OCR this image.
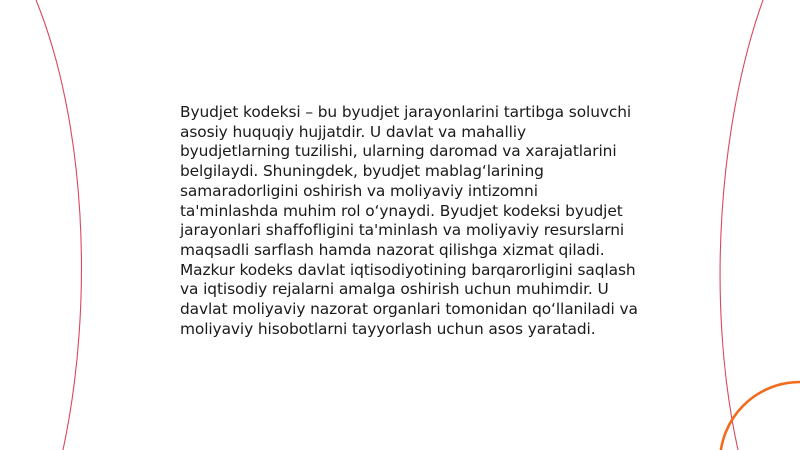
Byudjet kodeksi – bu byudjet jarayonlarini tartibga soluvchi asosiy huquqiy hujjatdir. U davlat va mahalliy byudjetlarning tuzilishi, ularning daromad va xarajatlarini belgilaydi. Shuningdek, byudjet mablag‘larining samaradorligini oshirish va moliyaviy intizomni ta'minlashda muhim rol o‘ynaydi. Byudjet kodeksi byudjet jarayonlari shaffofligini ta'minlash va moliyaviy resurslarni maqsadli sarflash hamda nazorat qilishga xizmat qiladi. Mazkur kodeks davlat iqtisodiyotining barqarorligini saqlash va iqtisodiy rejalarni amalga oshirish uchun muhimdir. U davlat moliyaviy nazorat organlari tomonidan qo‘llaniladi va moliyaviy hisobotlarni tayyorlash uchun asos yaratadi.
